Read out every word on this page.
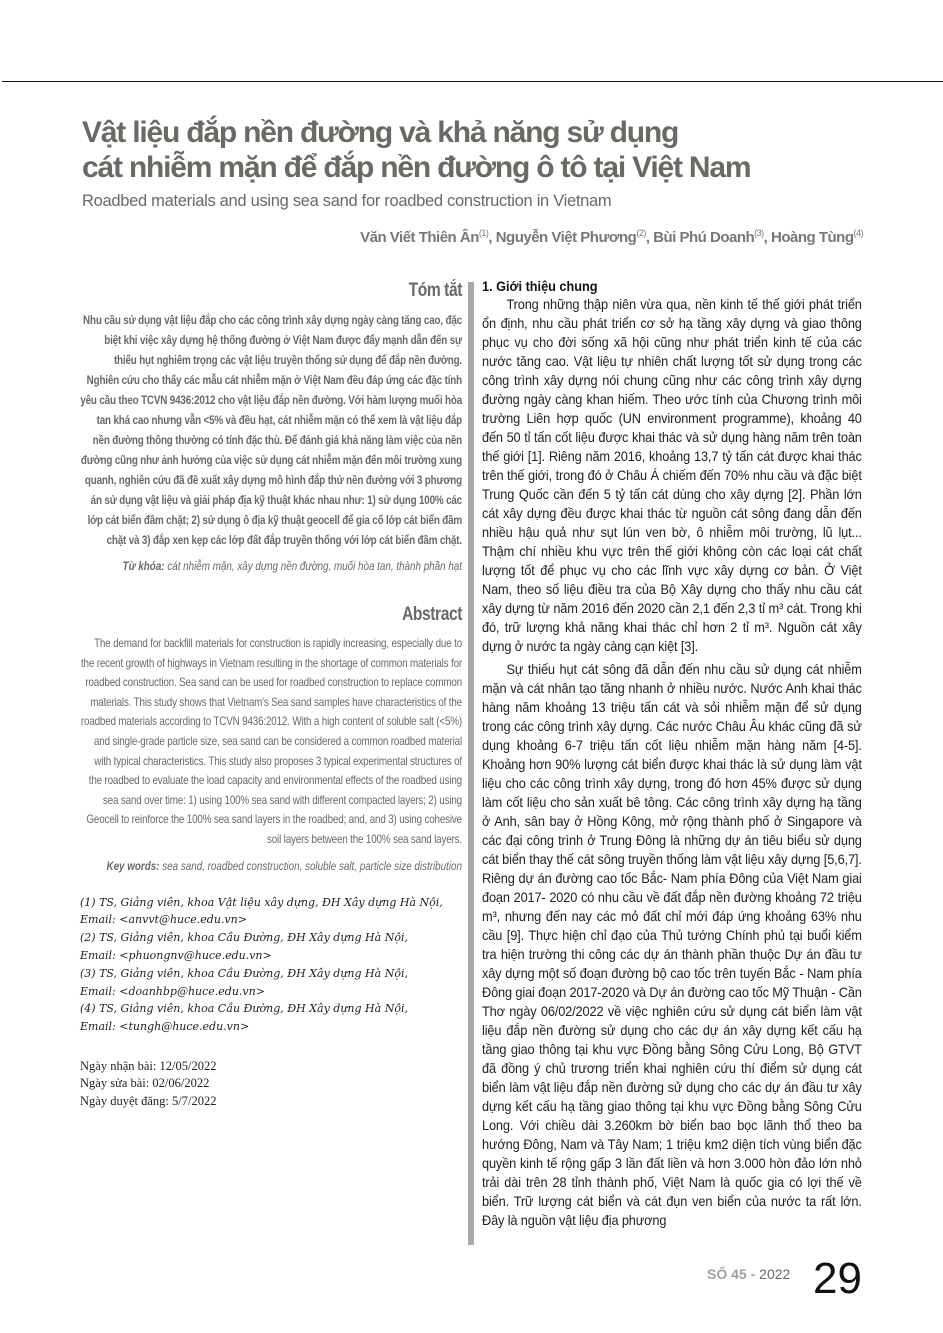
Vật liệu đắp nền đường và khả năng sử dụng
cát nhiễm mặn để đắp nền đường ô tô tại Việt Nam
Roadbed materials and using sea sand for roadbed construction in Vietnam
Văn Viết Thiên $Ân^{(1)}$, Nguyễn Việt Phương$^{(2)}$, Bùi Phú Doanh$^{(3)}$, Hoàng Tùng$^{(4)}$
Tóm tắt

Nhu cầu sử dụng vật liệu đắp cho các công trình xây dựng ngày càng tăng cao, đặc biệt khi việc xây dựng hệ thống đường ở Việt Nam được đẩy mạnh dẫn đến sự thiếu hụt nghiêm trọng các vật liệu truyền thống sử dụng để đắp nền đường. Nghiên cứu cho thấy các mẫu cát nhiễm mặn ở Việt Nam đều đáp ứng các đặc tính yêu cầu theo TCVN 9436:2012 cho vật liệu đắp nền đường. Với hàm lượng muối hòa tan khá cao nhưng vẫn <5% và đều hạt, cát nhiễm mặn có thể xem là vật liệu đắp nền đường thông thường có tính đặc thù. Để đánh giá khả năng làm việc của nền đường cũng như ảnh hưởng của việc sử dụng cát nhiễm mặn đến môi trường xung quanh, nghiên cứu đã đề xuất xây dựng mô hình đắp thử nền đường với 3 phương án sử dụng vật liệu và giải pháp địa kỹ thuật khác nhau như: 1) sử dụng 100% các lớp cát biển đầm chặt; 2) sử dụng ô địa kỹ thuật geocell để gia cố lớp cát biển đầm chặt và 3) đắp xen kẹp các lớp đất đắp truyền thống với lớp cát biển đầm chặt.

Từ khóa: cát nhiễm mặn, xây dựng nền đường, muối hòa tan, thành phần hạt

Abstract

The demand for backfill materials for construction is rapidly increasing, especially due to the recent growth of highways in Vietnam resulting in the shortage of common materials for roadbed construction. Sea sand can be used for roadbed construction to replace common materials. This study shows that Vietnam's Sea sand samples have characteristics of the roadbed materials according to TCVN 9436:2012. With a high content of soluble salt (<5%) and single-grade particle size, sea sand can be considered a common roadbed material with typical characteristics. This study also proposes 3 typical experimental structures of the roadbed to evaluate the load capacity and environmental effects of the roadbed using sea sand over time: 1) using 100% sea sand with different compacted layers; 2) using Geocell to reinforce the 100% sea sand layers in the roadbed; and, and 3) using cohesive soil layers between the 100% sea sand layers.

Key words: sea sand, roadbed construction, soluble salt, particle size distribution

(1) TS, Giảng viên, khoa Vật liệu xây dựng, ĐH Xây dựng Hà Nội,
Email: <anvvt@huce.edu.vn>
(2) TS, Giảng viên, khoa Cầu Đường, ĐH Xây dựng Hà Nội,
Email: <phuongnv@huce.edu.vn>
(3) TS, Giảng viên, khoa Cầu Đường, ĐH Xây dựng Hà Nội,
Email: <doanhbp@huce.edu.vn>
(4) TS, Giảng viên, khoa Cầu Đường, ĐH Xây dựng Hà Nội,
Email: <tungh@huce.edu.vn>
Ngày nhận bài: 12/05/2022
Ngày sửa bài: 02/06/2022
Ngày duyệt đăng: 5/7/2022
1. Giới thiệu chung

Trong những thập niên vừa qua, nền kinh tế thế giới phát triển ổn định, nhu cầu phát triển cơ sở hạ tầng xây dựng và giao thông phục vụ cho đời sống xã hội cũng như phát triển kinh tế của các nước tăng cao. Vật liệu tự nhiên chất lượng tốt sử dụng trong các công trình xây dựng nói chung cũng như các công trình xây dựng đường ngày càng khan hiếm. Theo ước tính của Chương trình môi trường Liên hợp quốc (UN environment programme), khoảng 40 đến 50 tỉ tấn cốt liệu được khai thác và sử dụng hàng năm trên toàn thế giới [1]. Riêng năm 2016, khoảng 13,7 tỷ tấn cát được khai thác trên thế giới, trong đó ở Châu Á chiếm đến 70% nhu cầu và đặc biệt Trung Quốc cần đến 5 tỷ tấn cát dùng cho xây dựng [2]. Phần lớn cát xây dựng đều được khai thác từ nguồn cát sông đang dẫn đến nhiều hậu quả như sụt lún ven bờ, ô nhiễm môi trường, lũ lụt... Thậm chí nhiều khu vực trên thế giới không còn các loại cát chất lượng tốt để phục vụ cho các lĩnh vực xây dựng cơ bản. Ở Việt Nam, theo số liệu điều tra của Bộ Xây dựng cho thấy nhu cầu cát xây dựng từ năm 2016 đến 2020 cần 2,1 đến 2,3 tỉ m³ cát. Trong khi đó, trữ lượng khả năng khai thác chỉ hơn 2 tỉ m³. Nguồn cát xây dựng ở nước ta ngày càng cạn kiệt [3].

Sự thiếu hụt cát sông đã dẫn đến nhu cầu sử dụng cát nhiễm mặn và cát nhân tạo tăng nhanh ở nhiều nước. Nước Anh khai thác hàng năm khoảng 13 triệu tấn cát và sỏi nhiễm mặn để sử dụng trong các công trình xây dựng. Các nước Châu Âu khác cũng đã sử dụng khoảng 6-7 triệu tấn cốt liệu nhiễm mặn hàng năm [4-5]. Khoảng hơn 90% lượng cát biển được khai thác là sử dụng làm vật liệu cho các công trình xây dựng, trong đó hơn 45% được sử dụng làm cốt liệu cho sản xuất bê tông. Các công trình xây dựng hạ tầng ở Anh, sân bay ở Hồng Kông, mở rộng thành phố ở Singapore và các đại công trình ở Trung Đông là những dự án tiêu biểu sử dụng cát biển thay thế cát sông truyền thống làm vật liệu xây dựng [5,6,7]. Riêng dự án đường cao tốc Bắc- Nam phía Đông của Việt Nam giai đoạn 2017- 2020 có nhu cầu về đất đắp nền đường khoảng 72 triệu m³, nhưng đến nay các mỏ đất chỉ mới đáp ứng khoảng 63% nhu cầu [9]. Thực hiện chỉ đạo của Thủ tướng Chính phủ tại buổi kiểm tra hiện trường thi công các dự án thành phần thuộc Dự án đầu tư xây dựng một số đoạn đường bộ cao tốc trên tuyến Bắc - Nam phía Đông giai đoạn 2017-2020 và Dự án đường cao tốc Mỹ Thuận - Cần Thơ ngày 06/02/2022 về việc nghiên cứu sử dụng cát biển làm vật liệu đắp nền đường sử dụng cho các dự án xây dựng kết cấu hạ tầng giao thông tại khu vực Đồng bằng Sông Cửu Long, Bộ GTVT đã đồng ý chủ trương triển khai nghiên cứu thí điểm sử dụng cát biển làm vật liệu đắp nền đường sử dụng cho các dự án đầu tư xây dựng kết cấu hạ tầng giao thông tại khu vực Đồng bằng Sông Cửu Long. Với chiều dài 3.260km bờ biển bao bọc lãnh thổ theo ba hướng Đông, Nam và Tây Nam; 1 triệu km2 diện tích vùng biển đặc quyền kinh tế rộng gấp 3 lần đất liền và hơn 3.000 hòn đảo lớn nhỏ trải dài trên 28 tỉnh thành phố, Việt Nam là quốc gia có lợi thế về biển. Trữ lượng cát biển và cát đụn ven biển của nước ta rất lớn. Đây là nguồn vật liệu địa phương

SỐ 45 - 2022 29
